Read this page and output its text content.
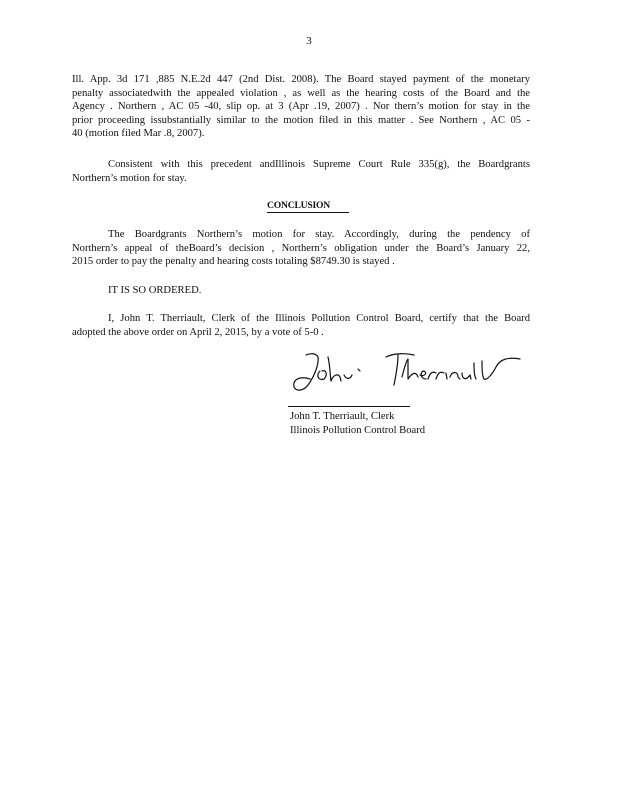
3
Ill. App. 3d 171 ,885 N.E.2d 447 (2nd Dist. 2008). The Board stayed payment of the monetary
penalty associatedwith the appealed violation , as well as the hearing costs of the Board and the
Agency . Northern , AC 05 -40, slip op. at 3 (Apr .19, 2007) . Nor thern’s motion for stay in the
prior proceeding issubstantially similar to the motion filed in this matter . See Northern , AC 05 -
40 (motion filed Mar .8, 2007).
Consistent with this precedent andIllinois Supreme Court Rule 335(g), the Boardgrants
Northern’s motion for stay.
CONCLUSION
The Boardgrants Northern’s motion for stay. Accordingly, during the pendency of
Northern’s appeal of theBoard’s decision , Northern’s obligation under the Board’s January 22,
2015 order to pay the penalty and hearing costs totaling $8749.30 is stayed .
IT IS SO ORDERED.
I, John T. Therriault, Clerk of the Illinois Pollution Control Board, certify that the Board
adopted the above order on April 2, 2015, by a vote of 5-0 .
John T. Therriault, Clerk
Illinois Pollution Control Board
